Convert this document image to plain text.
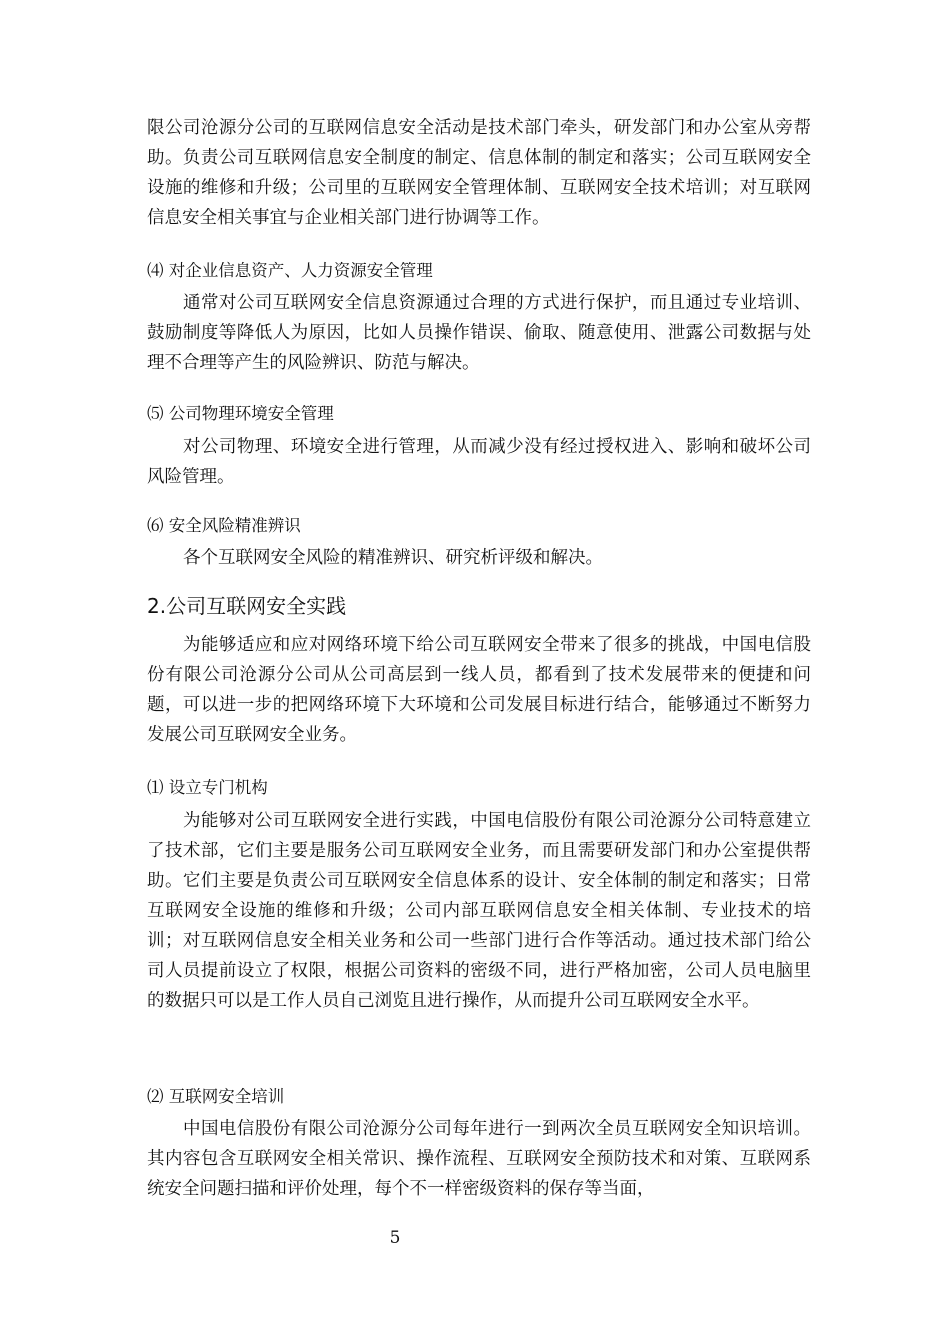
限公司沧源分公司的互联网信息安全活动是技术部门牵头，研发部门和办公室从旁帮助。负责公司互联网信息安全制度的制定、信息体制的制定和落实；公司互联网安全设施的维修和升级；公司里的互联网安全管理体制、互联网安全技术培训；对互联网信息安全相关事宜与企业相关部门进行协调等工作。

⑷ 对企业信息资产、人力资源安全管理

通常对公司互联网安全信息资源通过合理的方式进行保护，而且通过专业培训、鼓励制度等降低人为原因，比如人员操作错误、偷取、随意使用、泄露公司数据与处理不合理等产生的风险辨识、防范与解决。

⑸ 公司物理环境安全管理

对公司物理、环境安全进行管理，从而减少没有经过授权进入、影响和破坏公司风险管理。

⑹ 安全风险精准辨识

各个互联网安全风险的精准辨识、研究析评级和解决。

2.公司互联网安全实践

为能够适应和应对网络环境下给公司互联网安全带来了很多的挑战，中国电信股份有限公司沧源分公司从公司高层到一线人员，都看到了技术发展带来的便捷和问题，可以进一步的把网络环境下大环境和公司发展目标进行结合，能够通过不断努力发展公司互联网安全业务。

⑴ 设立专门机构

为能够对公司互联网安全进行实践，中国电信股份有限公司沧源分公司特意建立了技术部，它们主要是服务公司互联网安全业务，而且需要研发部门和办公室提供帮助。它们主要是负责公司互联网安全信息体系的设计、安全体制的制定和落实；日常互联网安全设施的维修和升级；公司内部互联网信息安全相关体制、专业技术的培训；对互联网信息安全相关业务和公司一些部门进行合作等活动。通过技术部门给公司人员提前设立了权限，根据公司资料的密级不同，进行严格加密，公司人员电脑里的数据只可以是工作人员自己浏览且进行操作，从而提升公司互联网安全水平。

⑵ 互联网安全培训

中国电信股份有限公司沧源分公司每年进行一到两次全员互联网安全知识培训。其内容包含互联网安全相关常识、操作流程、互联网安全预防技术和对策、互联网系统安全问题扫描和评价处理，每个不一样密级资料的保存等当面，

5
